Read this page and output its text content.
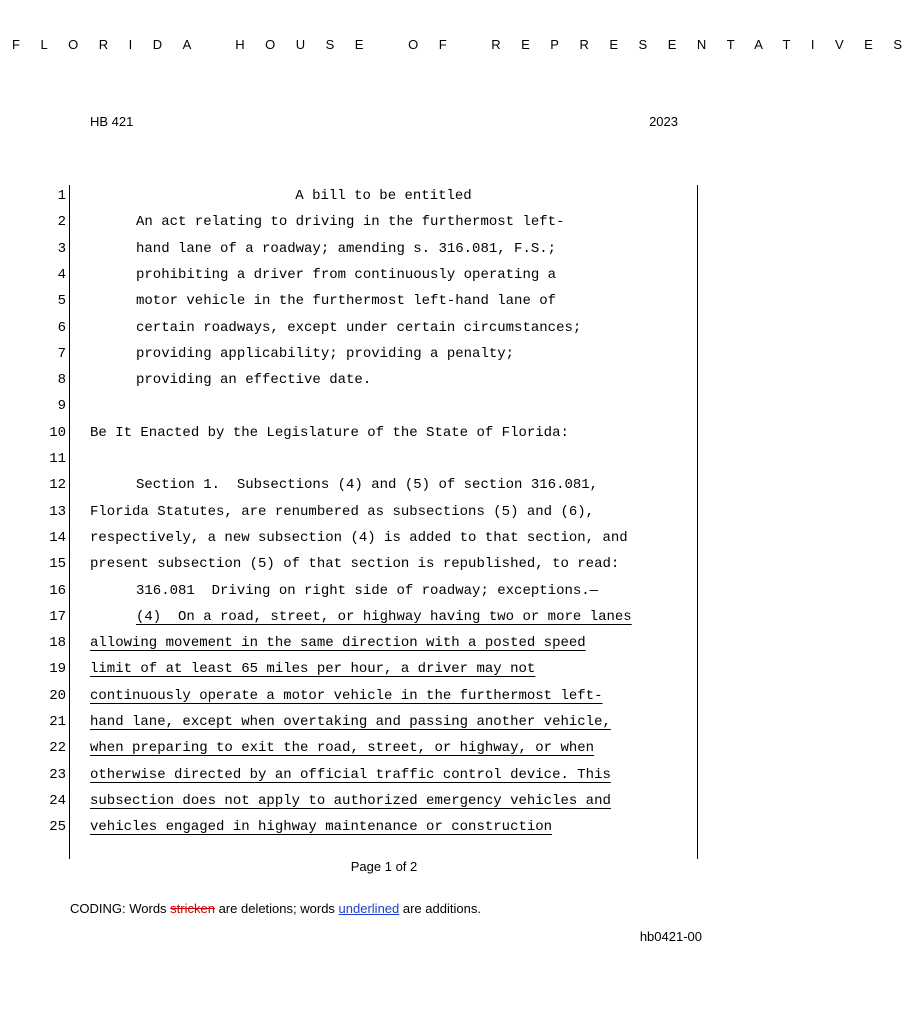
FLORIDA HOUSE OF REPRESENTATIVES
HB 421	2023
1	A bill to be entitled
2	An act relating to driving in the furthermost left-
3	hand lane of a roadway; amending s. 316.081, F.S.;
4	prohibiting a driver from continuously operating a
5	motor vehicle in the furthermost left-hand lane of
6	certain roadways, except under certain circumstances;
7	providing applicability; providing a penalty;
8	providing an effective date.
9
10 Be It Enacted by the Legislature of the State of Florida:
11
12	Section 1.  Subsections (4) and (5) of section 316.081,
13 Florida Statutes, are renumbered as subsections (5) and (6),
14 respectively, a new subsection (4) is added to that section, and
15 present subsection (5) of that section is republished, to read:
16	316.081  Driving on right side of roadway; exceptions.—
17	(4)  On a road, street, or highway having two or more lanes
18 allowing movement in the same direction with a posted speed
19 limit of at least 65 miles per hour, a driver may not
20 continuously operate a motor vehicle in the furthermost left-
21 hand lane, except when overtaking and passing another vehicle,
22 when preparing to exit the road, street, or highway, or when
23 otherwise directed by an official traffic control device. This
24 subsection does not apply to authorized emergency vehicles and
25 vehicles engaged in highway maintenance or construction
Page 1 of 2
CODING: Words stricken are deletions; words underlined are additions.
hb0421-00
